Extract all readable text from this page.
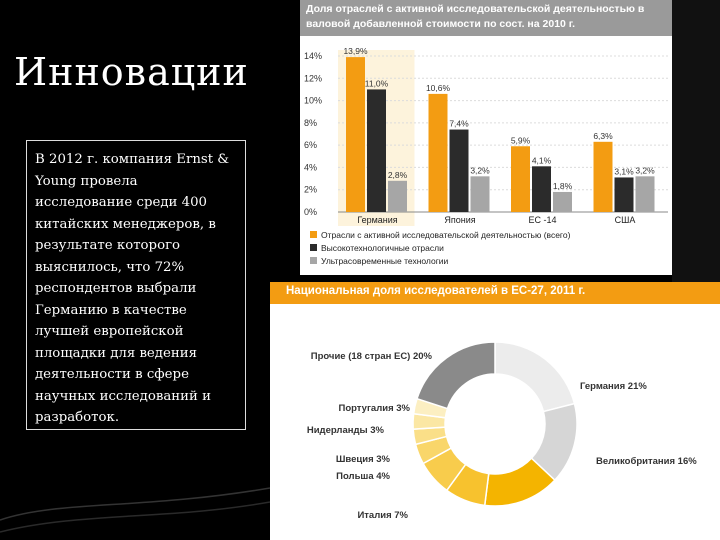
Инновации
В 2012 г. компания Ernst & Young провела исследование среди 400 китайских менеджеров, в результате которого выяснилось, что 72% респондентов выбрали Германию в качестве лучшей европейской площадки для ведения деятельности в сфере научных исследований и разработок.
Доля отраслей с активной исследовательской деятельностью в валовой добавленной стоимости по сост. на 2010 г.
14%
12%
10%
8%
6%
4%
2%
0%
13,9%
11,0%
2,8%
Германия
10,6%
7,4%
3,2%
Япония
5,9%
4,1%
1,8%
ЕС -14
6,3%
3,1% 3,2%
США
Отрасли с активной исследовательской деятельностью (всего)
Высокотехнологичные отрасли
Ультрасовременные технологии
Национальная доля исследователей в ЕС-27, 2011 г.
Германия 21%
Великобритания 16%
Италия 7%
Польша 4%
Швеция 3%
Нидерланды 3%
Португалия 3%
Прочие (18 стран ЕС) 20%
